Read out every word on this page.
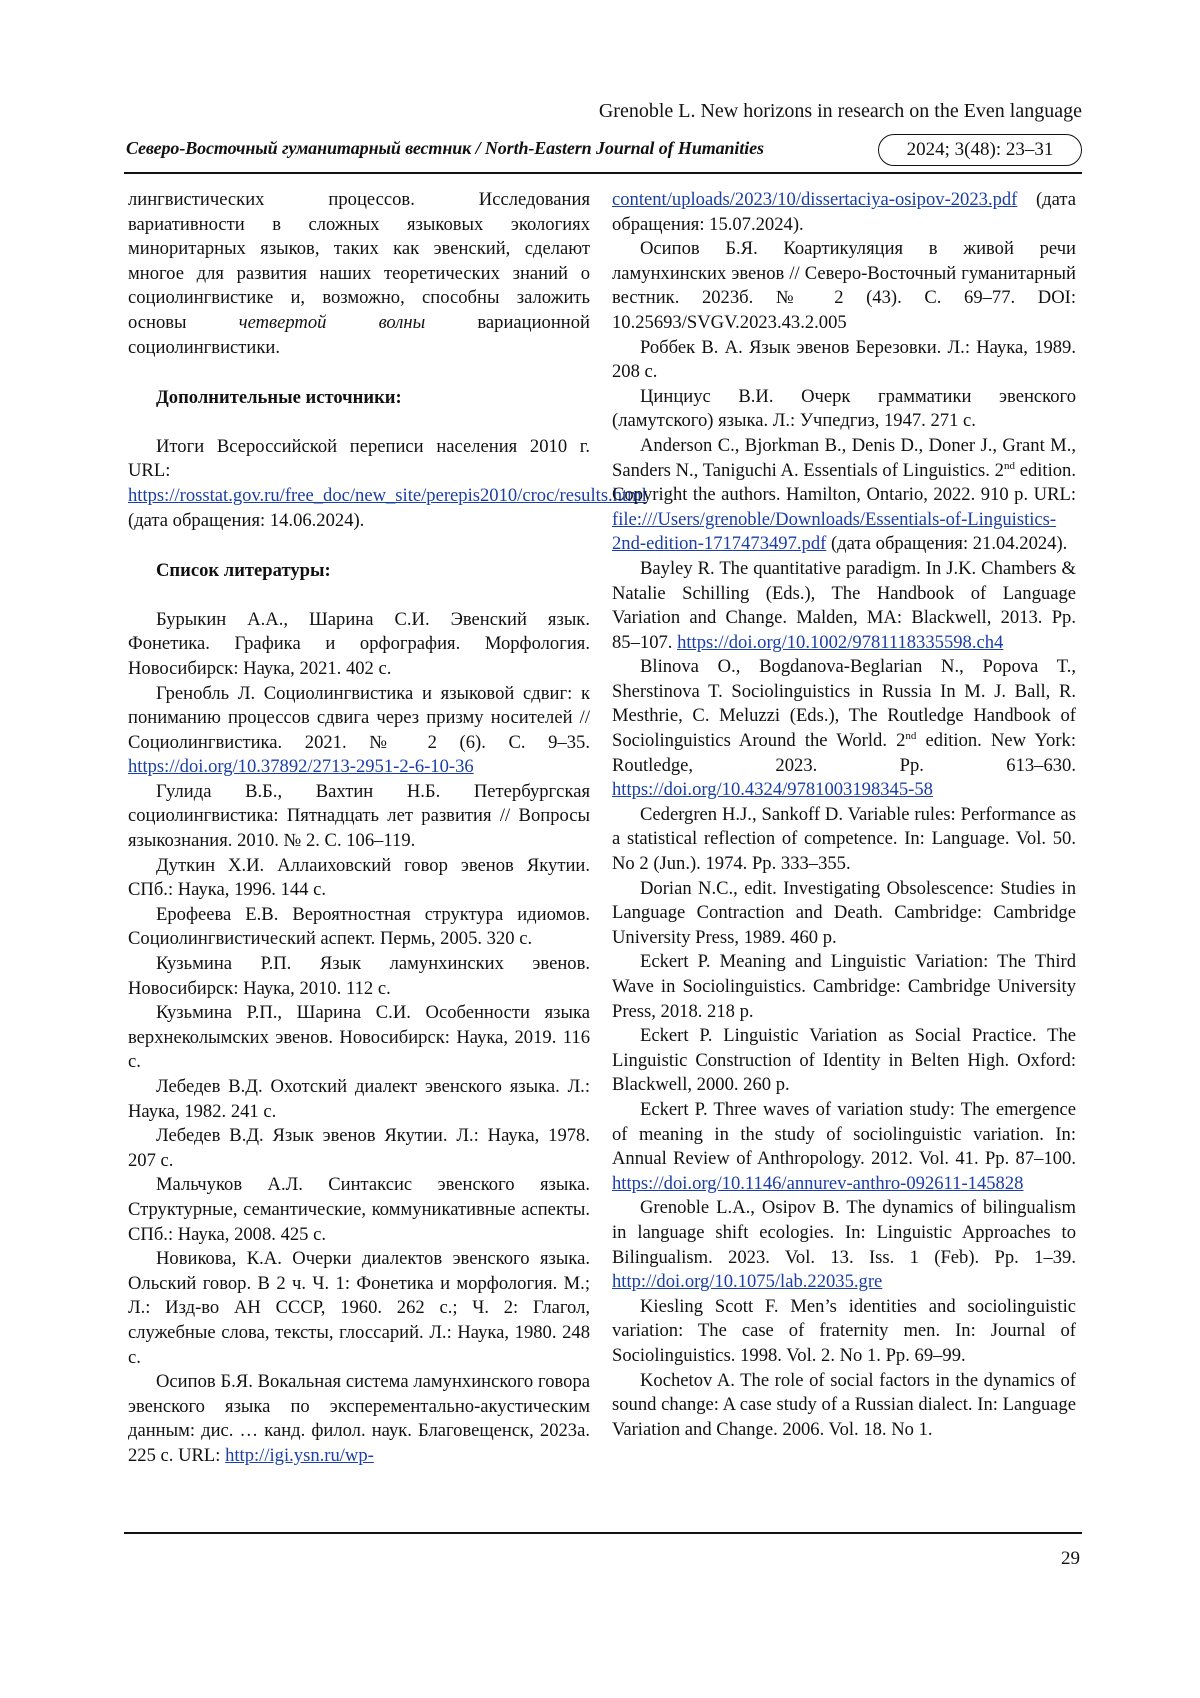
Grenoble L. New horizons in research on the Even language
Северо-Восточный гуманитарный вестник / North-Eastern Journal of Humanities	2024; 3(48): 23–31

лингвистических процессов. Исследования вариативности в сложных языковых экологиях миноритарных языков, таких как эвенский, сделают многое для развития наших теоретических знаний о социолингвистике и, возможно, способны заложить основы четвертой волны вариационной социолингвистики.

Дополнительные источники:

Итоги Всероссийской переписи населения 2010 г. URL: https://rosstat.gov.ru/free_doc/new_site/perepis2010/croc/results.html (дата обращения: 14.06.2024).

Список литературы:

Бурыкин А.А., Шарина С.И. Эвенский язык. Фонетика. Графика и орфография. Морфология. Новосибирск: Наука, 2021. 402 с.

Гренобль Л. Социолингвистика и языковой сдвиг: к пониманию процессов сдвига через призму носителей // Социолингвистика. 2021. № 2 (6). С. 9–35. https://doi.org/10.37892/2713-2951-2-6-10-36

Гулида В.Б., Вахтин Н.Б. Петербургская социолингвистика: Пятнадцать лет развития // Вопросы языкознания. 2010. № 2. С. 106–119.

Дуткин Х.И. Аллаиховский говор эвенов Якутии. СПб.: Наука, 1996. 144 с.

Ерофеева Е.В. Вероятностная структура идиомов. Социолингвистический аспект. Пермь, 2005. 320 с.

Кузьмина Р.П. Язык ламунхинских эвенов. Новосибирск: Наука, 2010. 112 с.

Кузьмина Р.П., Шарина С.И. Особенности языка верхнеколымских эвенов. Новосибирск: Наука, 2019. 116 с.

Лебедев В.Д. Охотский диалект эвенского языка. Л.: Наука, 1982. 241 с.

Лебедев В.Д. Язык эвенов Якутии. Л.: Наука, 1978. 207 с.

Мальчуков А.Л. Синтаксис эвенского языка. Структурные, семантические, коммуникативные аспекты. СПб.: Наука, 2008. 425 с.

Новикова, К.А. Очерки диалектов эвенского языка. Ольский говор. В 2 ч. Ч. 1: Фонетика и морфология. М.; Л.: Изд-во АН СССР, 1960. 262 с.; Ч. 2: Глагол, служебные слова, тексты, глоссарий. Л.: Наука, 1980. 248 с.

Осипов Б.Я. Вокальная система ламунхинского говора эвенского языка по эксперементально-акустическим данным: дис. … канд. филол. наук. Благовещенск, 2023а. 225 с. URL: http://igi.ysn.ru/wp-

content/uploads/2023/10/dissertaciya-osipov-2023.pdf (дата обращения: 15.07.2024).

Осипов Б.Я. Коартикуляция в живой речи ламунхинских эвенов // Северо-Восточный гуманитарный вестник. 2023б. № 2 (43). С. 69–77. DOI: 10.25693/SVGV.2023.43.2.005

Роббек В. А. Язык эвенов Березовки. Л.: Наука, 1989. 208 с.

Цинциус В.И. Очерк грамматики эвенского (ламутского) языка. Л.: Учпедгиз, 1947. 271 с.

Anderson C., Bjorkman B., Denis D., Doner J., Grant M., Sanders N., Taniguchi A. Essentials of Linguistics. 2nd edition. Copyright the authors. Hamilton, Ontario, 2022. 910 p. URL: file:///Users/grenoble/Downloads/Essentials-of-Linguistics-2nd-edition-1717473497.pdf (дата обращения: 21.04.2024).

Bayley R. The quantitative paradigm. In J.K. Chambers & Natalie Schilling (Eds.), The Handbook of Language Variation and Change. Malden, MA: Blackwell, 2013. Pp. 85–107. https://doi.org/10.1002/9781118335598.ch4

Blinova O., Bogdanova-Beglarian N., Popova T., Sherstinova T. Sociolinguistics in Russia In M. J. Ball, R. Mesthrie, C. Meluzzi (Eds.), The Routledge Handbook of Sociolinguistics Around the World. 2nd edition. New York: Routledge, 2023. Pp. 613–630. https://doi.org/10.4324/9781003198345-58

Cedergren H.J., Sankoff D. Variable rules: Performance as a statistical reflection of competence. In: Language. Vol. 50. No 2 (Jun.). 1974. Pp. 333–355.

Dorian N.C., edit. Investigating Obsolescence: Studies in Language Contraction and Death. Cambridge: Cambridge University Press, 1989. 460 p.

Eckert P. Meaning and Linguistic Variation: The Third Wave in Sociolinguistics. Cambridge: Cambridge University Press, 2018. 218 p.

Eckert P. Linguistic Variation as Social Practice. The Linguistic Construction of Identity in Belten High. Oxford: Blackwell, 2000. 260 p.

Eckert P. Three waves of variation study: The emergence of meaning in the study of sociolinguistic variation. In: Annual Review of Anthropology. 2012. Vol. 41. Pp. 87–100. https://doi.org/10.1146/annurev-anthro-092611-145828

Grenoble L.A., Osipov B. The dynamics of bilingualism in language shift ecologies. In: Linguistic Approaches to Bilingualism. 2023. Vol. 13. Iss. 1 (Feb). Pp. 1–39. http://doi.org/10.1075/lab.22035.gre

Kiesling Scott F. Men’s identities and sociolinguistic variation: The case of fraternity men. In: Journal of Sociolinguistics. 1998. Vol. 2. No 1. Pp. 69–99.

Kochetov A. The role of social factors in the dynamics of sound change: A case study of a Russian dialect. In: Language Variation and Change. 2006. Vol. 18. No 1.

29
